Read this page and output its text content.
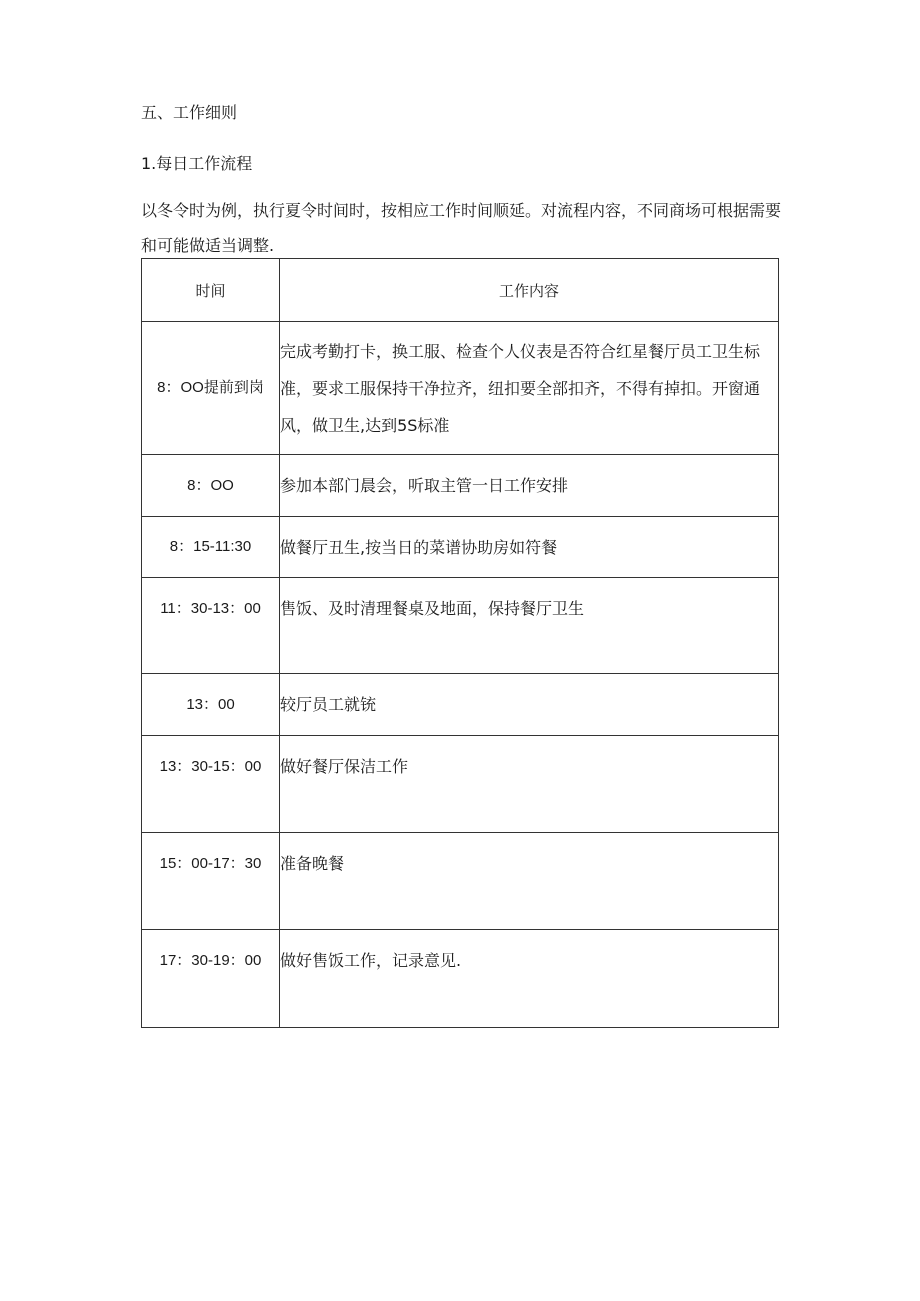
五、工作细则
1.每日工作流程
以冬令时为例，执行夏令时间时，按相应工作时间顺延。对流程内容，不同商场可根据需要和可能做适当调整.
时间	工作内容
8：OO提前到岗	完成考勤打卡，换工服、检查个人仪表是否符合红星餐厅员工卫生标准，要求工服保持干净拉齐，纽扣要全部扣齐，不得有掉扣。开窗通风，做卫生,达到5S标准
8：OO	参加本部门晨会，听取主管一日工作安排
8：15-11:30	做餐厅丑生,按当日的菜谱协助房如符餐
11：30-13：00	售饭、及时清理餐桌及地面，保持餐厅卫生
13：00	较厅员工就铳
13：30-15：00	做好餐厅保洁工作
15：00-17：30	准备晚餐
17：30-19：00	做好售饭工作，记录意见.
